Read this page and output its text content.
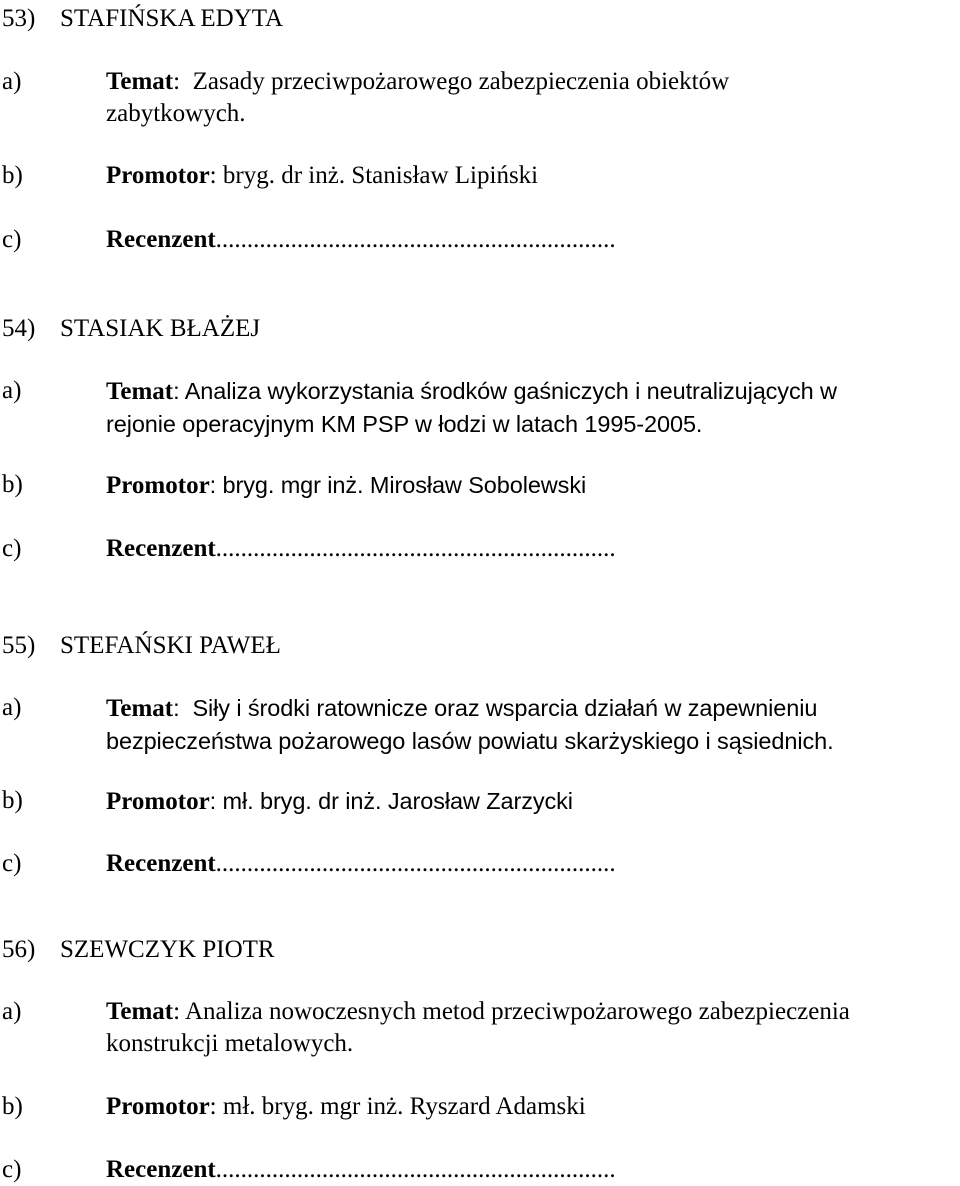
53) STAFIŃSKA EDYTA
a)	Temat:  Zasady przeciwpożarowego zabezpieczenia obiektów
zabytkowych.
b)	Promotor: bryg. dr inż. Stanisław Lipiński
c)	Recenzent................................................................
54) STASIAK BŁAŻEJ
a)	Temat: Analiza wykorzystania środków gaśniczych i neutralizujących w
rejonie operacyjnym KM PSP w łodzi w latach 1995-2005.
b)	Promotor: bryg. mgr inż. Mirosław Sobolewski
c)	Recenzent................................................................
55) STEFAŃSKI PAWEŁ
a)	Temat:  Siły i środki ratownicze oraz wsparcia działań w zapewnieniu
bezpieczeństwa pożarowego lasów powiatu skarżyskiego i sąsiednich.
b)	Promotor: mł. bryg. dr inż. Jarosław Zarzycki
c)	Recenzent................................................................
56) SZEWCZYK PIOTR
a)	Temat: Analiza nowoczesnych metod przeciwpożarowego zabezpieczenia
konstrukcji metalowych.
b)	Promotor: mł. bryg. mgr inż. Ryszard Adamski
c)	Recenzent................................................................
